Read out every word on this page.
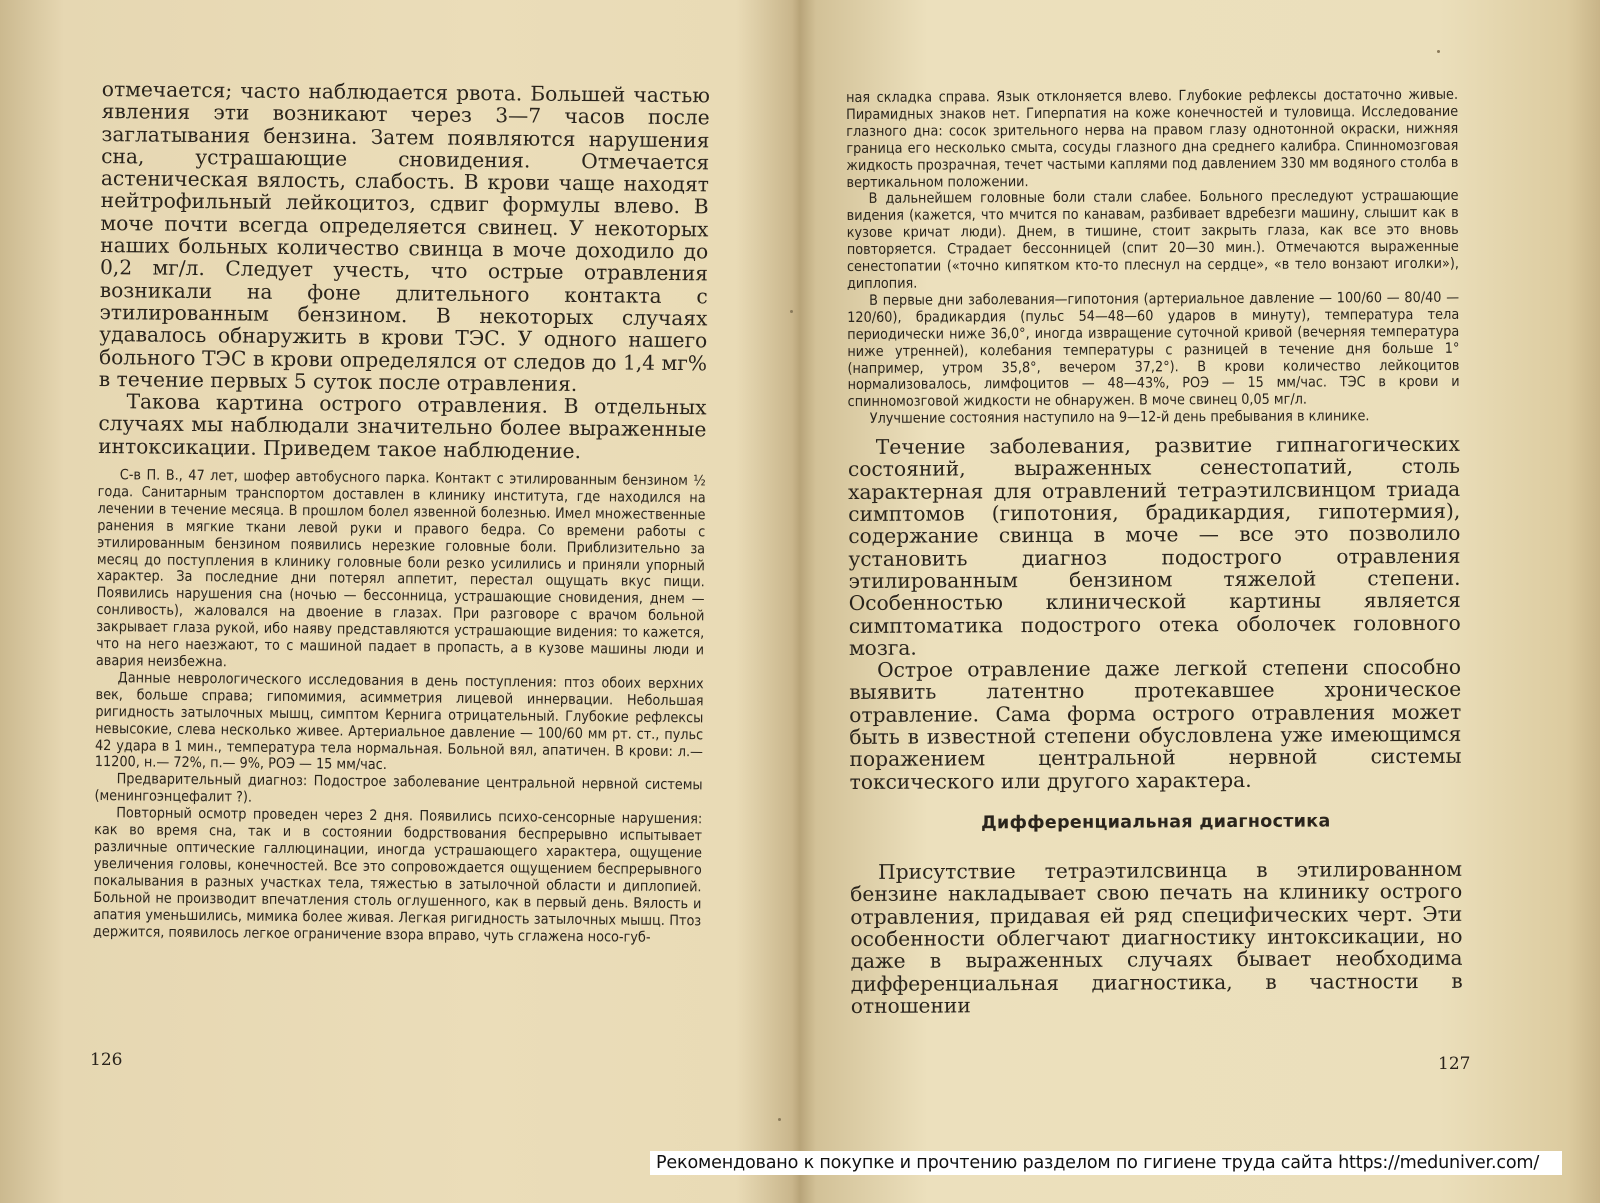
отмечается; часто наблюдается рвота. Большей частью явления эти возникают через 3—7 часов после заглатывания бензина. Затем появляются нарушения сна, устрашающие сновидения. Отмечается астеническая вялость, слабость. В крови чаще находят нейтрофильный лейкоцитоз, сдвиг формулы влево. В моче почти всегда определяется свинец. У некоторых наших больных количество свинца в моче доходило до 0,2 мг/л. Следует учесть, что острые отравления возникали на фоне длительного контакта с этилированным бензином. В некоторых случаях удавалось обнаружить в крови ТЭС. У одного нашего больного ТЭС в крови определялся от следов до 1,4 мг% в течение первых 5 суток после отравления.

Такова картина острого отравления. В отдельных случаях мы наблюдали значительно более выраженные интоксикации. Приведем такое наблюдение.

С-в П. В., 47 лет, шофер автобусного парка. Контакт с этилированным бензином ½ года. Санитарным транспортом доставлен в клинику института, где находился на лечении в течение месяца. В прошлом болел язвенной болезнью. Имел множественные ранения в мягкие ткани левой руки и правого бедра. Со времени работы с этилированным бензином появились нерезкие головные боли. Приблизительно за месяц до поступления в клинику головные боли резко усилились и приняли упорный характер. За последние дни потерял аппетит, перестал ощущать вкус пищи. Появились нарушения сна (ночью — бессонница, устрашающие сновидения, днем — сонливость), жаловался на двоение в глазах. При разговоре с врачом больной закрывает глаза рукой, ибо наяву представляются устрашающие видения: то кажется, что на него наезжают, то с машиной падает в пропасть, а в кузове машины люди и авария неизбежна.

Данные неврологического исследования в день поступления: птоз обоих верхних век, больше справа; гипомимия, асимметрия лицевой иннервации. Небольшая ригидность затылочных мышц, симптом Кернига отрицательный. Глубокие рефлексы невысокие, слева несколько живее. Артериальное давление — 100/60 мм рт. ст., пульс 42 удара в 1 мин., температура тела нормальная. Больной вял, апатичен. В крови: л.— 11200, н.— 72%, п.— 9%, РОЭ — 15 мм/час.

Предварительный диагноз: Подострое заболевание центральной нервной системы (менингоэнцефалит ?).

Повторный осмотр проведен через 2 дня. Появились психо-сенсорные нарушения: как во время сна, так и в состоянии бодрствования беспрерывно испытывает различные оптические галлюцинации, иногда устрашающего характера, ощущение увеличения головы, конечностей. Все это сопровождается ощущением беспрерывного покалывания в разных участках тела, тяжестью в затылочной области и диплопией. Больной не производит впечатления столь оглушенного, как в первый день. Вялость и апатия уменьшились, мимика более живая. Легкая ригидность затылочных мышц. Птоз держится, появилось легкое ограничение взора вправо, чуть сглажена носо-губ-

126

ная складка справа. Язык отклоняется влево. Глубокие рефлексы достаточно живые. Пирамидных знаков нет. Гиперпатия на коже конечностей и туловища. Исследование глазного дна: сосок зрительного нерва на правом глазу однотонной окраски, нижняя граница его несколько смыта, сосуды глазного дна среднего калибра. Спинномозговая жидкость прозрачная, течет частыми каплями под давлением 330 мм водяного столба в вертикальном положении.

В дальнейшем головные боли стали слабее. Больного преследуют устрашающие видения (кажется, что мчится по канавам, разбивает вдребезги машину, слышит как в кузове кричат люди). Днем, в тишине, стоит закрыть глаза, как все это вновь повторяется. Страдает бессонницей (спит 20—30 мин.). Отмечаются выраженные сенестопатии («точно кипятком кто-то плеснул на сердце», «в тело вонзают иголки»), диплопия.

В первые дни заболевания—гипотония (артериальное давление — 100/60 — 80/40 — 120/60), брадикардия (пульс 54—48—60 ударов в минуту), температура тела периодически ниже 36,0°, иногда извращение суточной кривой (вечерняя температура ниже утренней), колебания температуры с разницей в течение дня больше 1° (например, утром 35,8°, вечером 37,2°). В крови количество лейкоцитов нормализовалось, лимфоцитов — 48—43%, РОЭ — 15 мм/час. ТЭС в крови и спинномозговой жидкости не обнаружен. В моче свинец 0,05 мг/л.

Улучшение состояния наступило на 9—12-й день пребывания в клинике.

Течение заболевания, развитие гипнагогических состояний, выраженных сенестопатий, столь характерная для отравлений тетраэтилсвинцом триада симптомов (гипотония, брадикардия, гипотермия), содержание свинца в моче — все это позволило установить диагноз подострого отравления этилированным бензином тяжелой степени. Особенностью клинической картины является симптоматика подострого отека оболочек головного мозга.

Острое отравление даже легкой степени способно выявить латентно протекавшее хроническое отравление. Сама форма острого отравления может быть в известной степени обусловлена уже имеющимся поражением центральной нервной системы токсического или другого характера.

Дифференциальная диагностика

Присутствие тетраэтилсвинца в этилированном бензине накладывает свою печать на клинику острого отравления, придавая ей ряд специфических черт. Эти особенности облегчают диагностику интоксикации, но даже в выраженных случаях бывает необходима дифференциальная диагностика, в частности в отношении

127
Рекомендовано к покупке и прочтению разделом по гигиене труда сайта https://meduniver.com/
